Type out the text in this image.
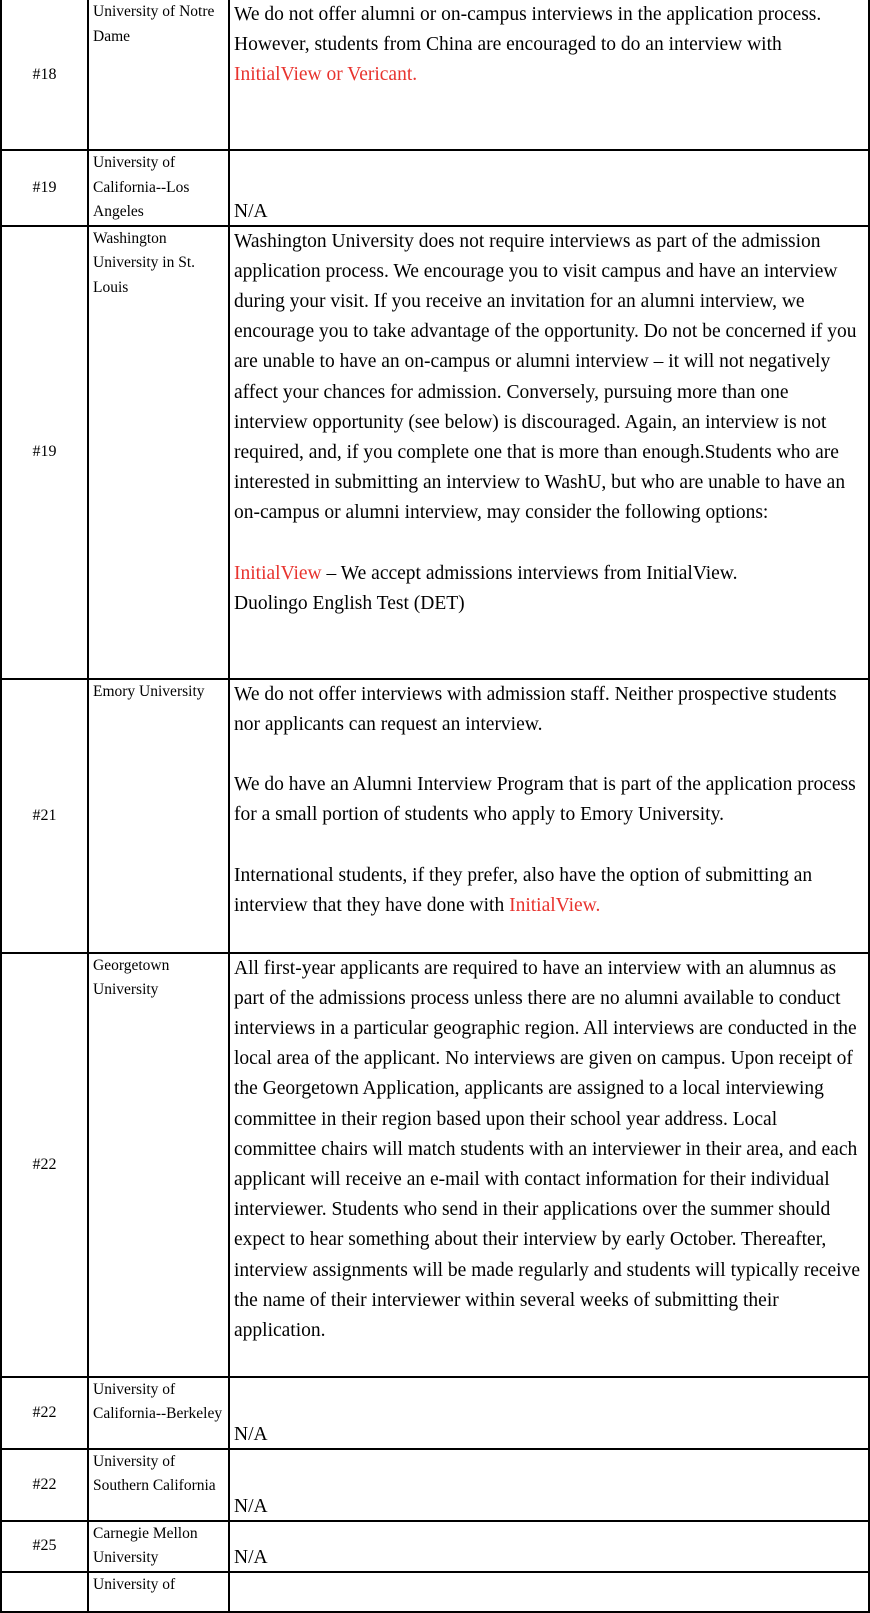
#18	University of Notre Dame	We do not offer alumni or on-campus interviews in the application process. However, students from China are encouraged to do an interview with InitialView or Vericant.
#19	University of California--Los Angeles	N/A
#19	Washington University in St. Louis	Washington University does not require interviews as part of the admission application process. We encourage you to visit campus and have an interview during your visit. If you receive an invitation for an alumni interview, we encourage you to take advantage of the opportunity. Do not be concerned if you are unable to have an on-campus or alumni interview – it will not negatively affect your chances for admission. Conversely, pursuing more than one interview opportunity (see below) is discouraged. Again, an interview is not required, and, if you complete one that is more than enough.Students who are interested in submitting an interview to WashU, but who are unable to have an on-campus or alumni interview, may consider the following options:

InitialView – We accept admissions interviews from InitialView.

Duolingo English Test (DET)

#21	Emory University	We do not offer interviews with admission staff. Neither prospective students nor applicants can request an interview.

We do have an Alumni Interview Program that is part of the application process for a small portion of students who apply to Emory University.

International students, if they prefer, also have the option of submitting an interview that they have done with InitialView.

#22	Georgetown University	All first-year applicants are required to have an interview with an alumnus as part of the admissions process unless there are no alumni available to conduct interviews in a particular geographic region. All interviews are conducted in the local area of the applicant. No interviews are given on campus. Upon receipt of the Georgetown Application, applicants are assigned to a local interviewing committee in their region based upon their school year address. Local committee chairs will match students with an interviewer in their area, and each applicant will receive an e-mail with contact information for their individual interviewer. Students who send in their applications over the summer should expect to hear something about their interview by early October. Thereafter, interview assignments will be made regularly and students will typically receive the name of their interviewer within several weeks of submitting their application.
#22	University of California--Berkeley	N/A
#22	University of Southern California	N/A
#25	Carnegie Mellon University	N/A
	University of	
